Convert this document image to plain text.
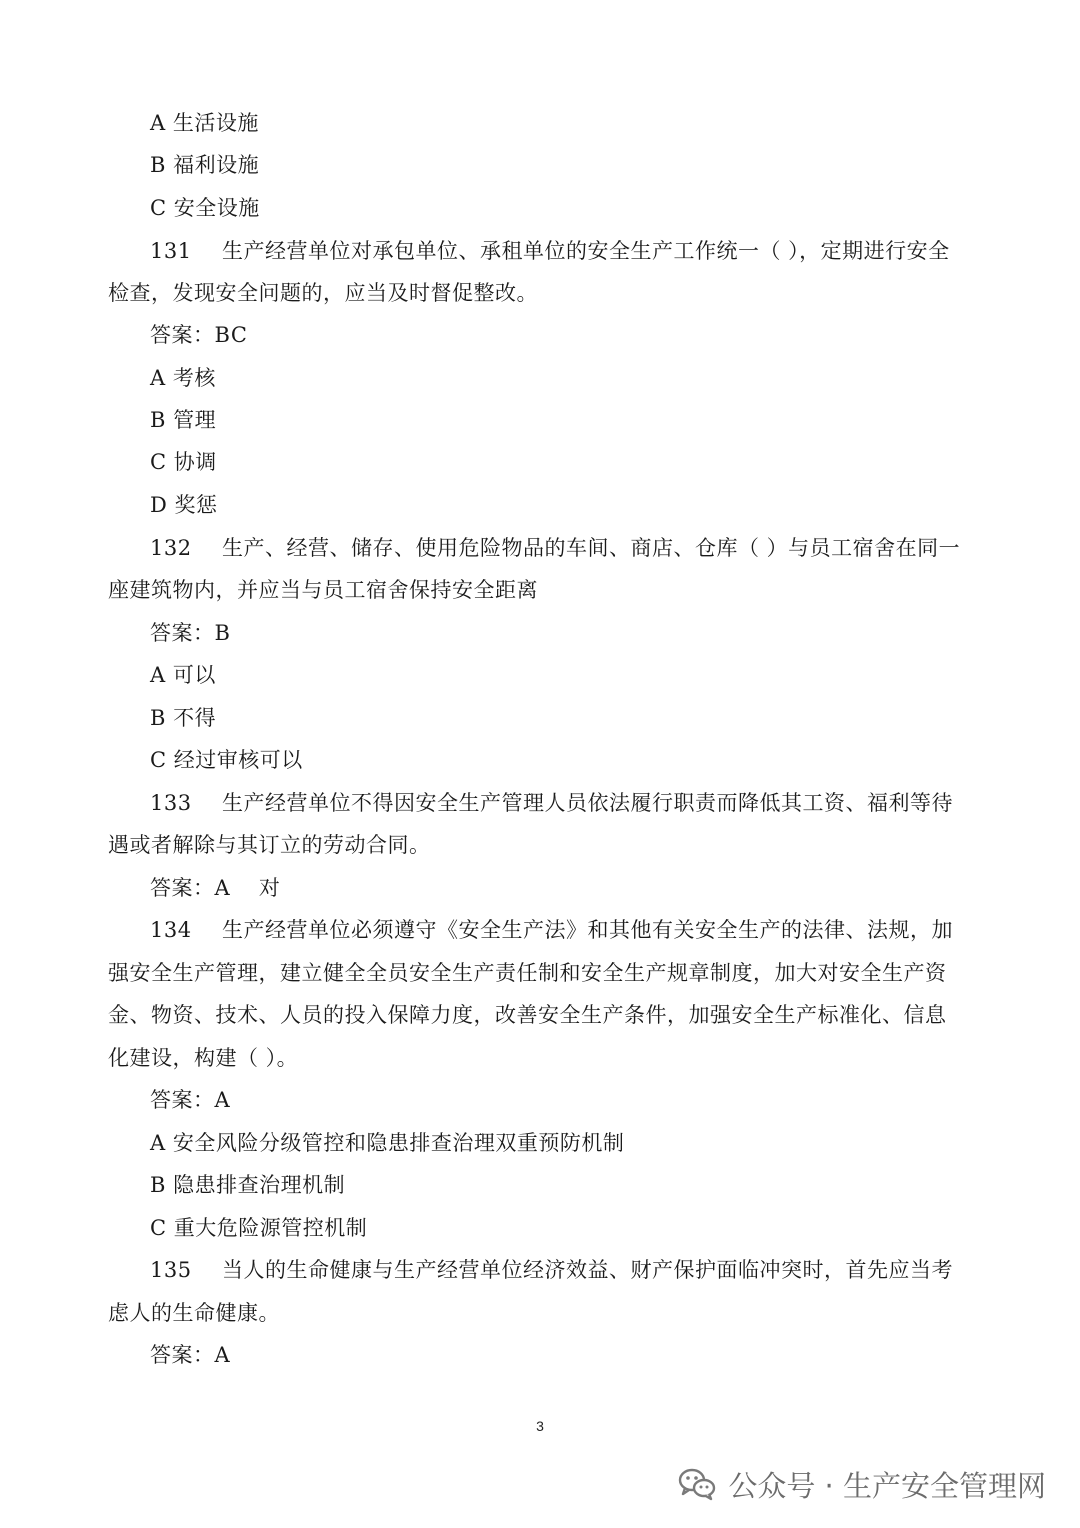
A 生活设施
B 福利设施
C 安全设施
131 生产经营单位对承包单位、承租单位的安全生产工作统一（ ），定期进行安全
检查，发现安全问题的，应当及时督促整改。
答案：BC
A 考核
B 管理
C 协调
D 奖惩
132 生产、经营、储存、使用危险物品的车间、商店、仓库（ ）与员工宿舍在同一
座建筑物内，并应当与员工宿舍保持安全距离
答案：B
A 可以
B 不得
C 经过审核可以
133 生产经营单位不得因安全生产管理人员依法履行职责而降低其工资、福利等待
遇或者解除与其订立的劳动合同。
答案：A　 对
134 生产经营单位必须遵守《安全生产法》和其他有关安全生产的法律、法规，加
强安全生产管理，建立健全全员安全生产责任制和安全生产规章制度，加大对安全生产资
金、物资、技术、人员的投入保障力度，改善安全生产条件，加强安全生产标准化、信息
化建设，构建（ ）。
答案：A
A 安全风险分级管控和隐患排查治理双重预防机制
B 隐患排查治理机制
C 重大危险源管控机制
135 当人的生命健康与生产经营单位经济效益、财产保护面临冲突时，首先应当考
虑人的生命健康。
答案：A
3
公众号 · 生产安全管理网
